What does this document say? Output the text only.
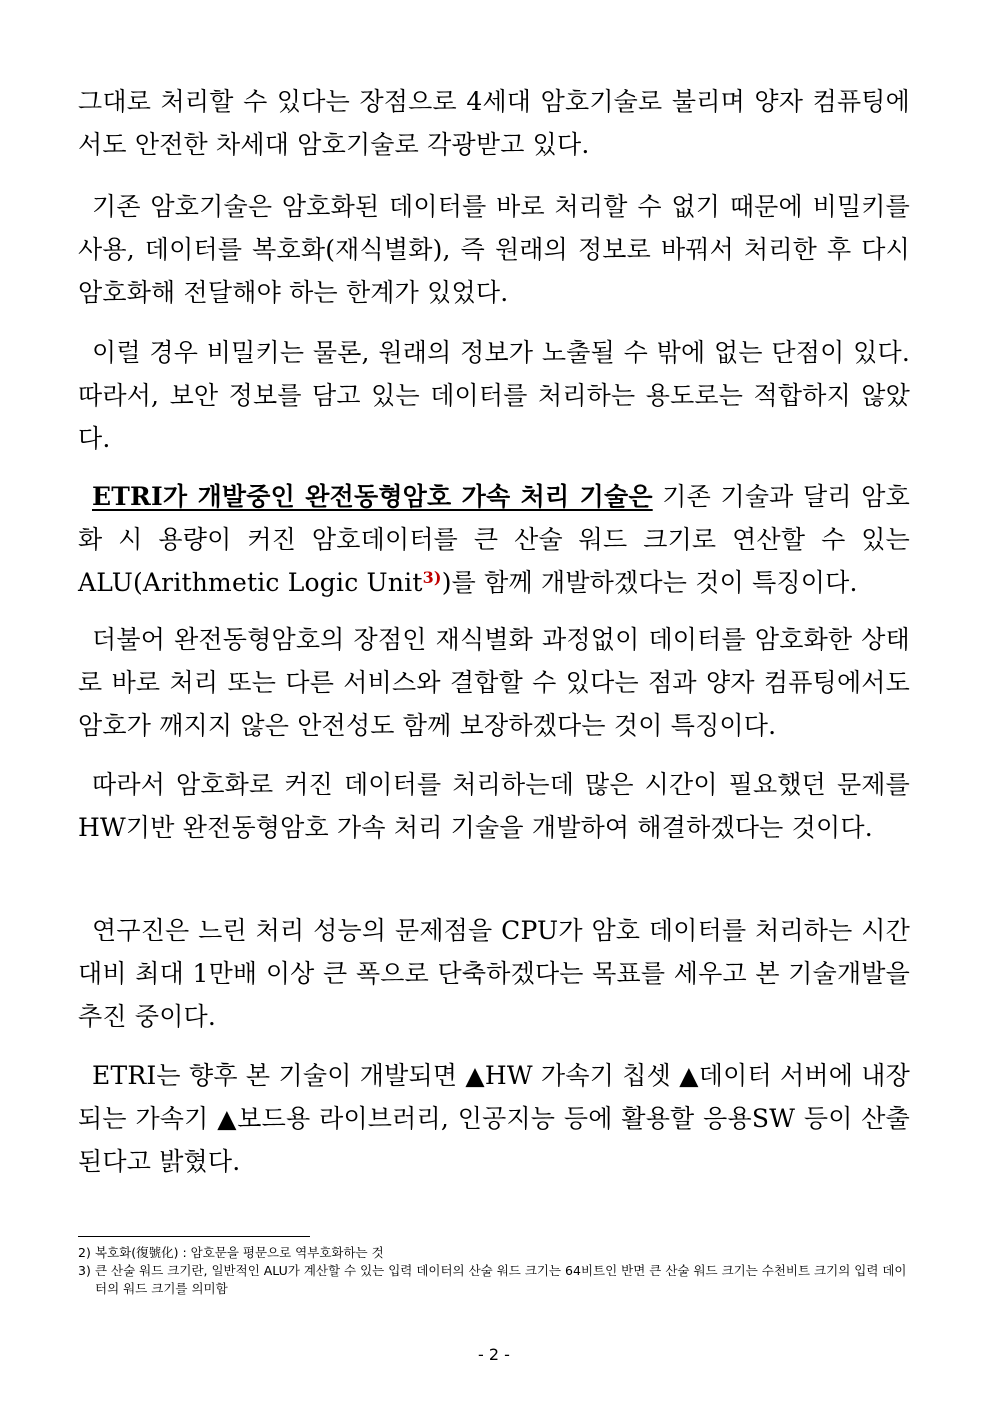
그대로 처리할 수 있다는 장점으로 4세대 암호기술로 불리며 양자 컴퓨팅에서도 안전한 차세대 암호기술로 각광받고 있다.

기존 암호기술은 암호화된 데이터를 바로 처리할 수 없기 때문에 비밀키를 사용, 데이터를 복호화(재식별화), 즉 원래의 정보로 바꿔서 처리한 후 다시 암호화해 전달해야 하는 한계가 있었다.

이럴 경우 비밀키는 물론, 원래의 정보가 노출될 수 밖에 없는 단점이 있다. 따라서, 보안 정보를 담고 있는 데이터를 처리하는 용도로는 적합하지 않았다.

ETRI가 개발중인 완전동형암호 가속 처리 기술은 기존 기술과 달리 암호화 시 용량이 커진 암호데이터를 큰 산술 워드 크기로 연산할 수 있는 ALU(Arithmetic Logic Unit$^{3)}$)를 함께 개발하겠다는 것이 특징이다.

더불어 완전동형암호의 장점인 재식별화 과정없이 데이터를 암호화한 상태로 바로 처리 또는 다른 서비스와 결합할 수 있다는 점과 양자 컴퓨팅에서도 암호가 깨지지 않은 안전성도 함께 보장하겠다는 것이 특징이다.

따라서 암호화로 커진 데이터를 처리하는데 많은 시간이 필요했던 문제를 HW기반 완전동형암호 가속 처리 기술을 개발하여 해결하겠다는 것이다.

연구진은 느린 처리 성능의 문제점을 CPU가 암호 데이터를 처리하는 시간 대비 최대 1만배 이상 큰 폭으로 단축하겠다는 목표를 세우고 본 기술개발을 추진 중이다.

ETRI는 향후 본 기술이 개발되면 ▲HW 가속기 칩셋 ▲데이터 서버에 내장되는 가속기 ▲보드용 라이브러리, 인공지능 등에 활용할 응용SW 등이 산출된다고 밝혔다.

2) 복호화(復號化) : 암호문을 평문으로 역부호화하는 것
3) 큰 산술 워드 크기란, 일반적인 ALU가 계산할 수 있는 입력 데이터의 산술 워드 크기는 64비트인 반면 큰 산술 워드 크기는 수천비트 크기의 입력 데이터의 워드 크기를 의미함
- 2 -
